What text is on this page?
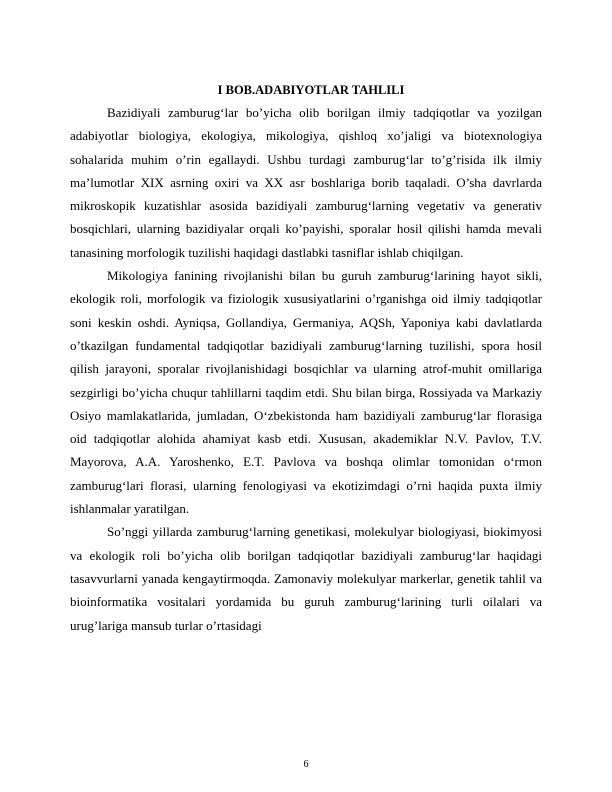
I BOB.ADABIYOTLAR TAHLILI

Bazidiyali zamburug‘lar bo’yicha olib borilgan ilmiy tadqiqotlar va yozilgan adabiyotlar biologiya, ekologiya, mikologiya, qishloq xo’jaligi va biotexnologiya sohalarida muhim o’rin egallaydi. Ushbu turdagi zamburug‘lar to’g’risida ilk ilmiy ma’lumotlar XIX asrning oxiri va XX asr boshlariga borib taqaladi. O’sha davrlarda mikroskopik kuzatishlar asosida bazidiyali zamburug‘larning vegetativ va generativ bosqichlari, ularning bazidiyalar orqali ko’payishi, sporalar hosil qilishi hamda mevali tanasining morfologik tuzilishi haqidagi dastlabki tasniflar ishlab chiqilgan.

Mikologiya fanining rivojlanishi bilan bu guruh zamburug‘larining hayot sikli, ekologik roli, morfologik va fiziologik xususiyatlarini o’rganishga oid ilmiy tadqiqotlar soni keskin oshdi. Ayniqsa, Gollandiya, Germaniya, AQSh, Yaponiya kabi davlatlarda o’tkazilgan fundamental tadqiqotlar bazidiyali zamburug‘larning tuzilishi, spora hosil qilish jarayoni, sporalar rivojlanishidagi bosqichlar va ularning atrof-muhit omillariga sezgirligi bo’yicha chuqur tahlillarni taqdim etdi. Shu bilan birga, Rossiyada va Markaziy Osiyo mamlakatlarida, jumladan, O‘zbekistonda ham bazidiyali zamburug‘lar florasiga oid tadqiqotlar alohida ahamiyat kasb etdi. Xususan, akademiklar N.V. Pavlov, T.V. Mayorova, A.A. Yaroshenko, E.T. Pavlova va boshqa olimlar tomonidan o‘rmon zamburug‘lari florasi, ularning fenologiyasi va ekotizimdagi o’rni haqida puxta ilmiy ishlanmalar yaratilgan.

So’nggi yillarda zamburug‘larning genetikasi, molekulyar biologiyasi, biokimyosi va ekologik roli bo’yicha olib borilgan tadqiqotlar bazidiyali zamburug‘lar haqidagi tasavvurlarni yanada kengaytirmoqda. Zamonaviy molekulyar markerlar, genetik tahlil va bioinformatika vositalari yordamida bu guruh zamburug‘larining turli oilalari va urug’lariga mansub turlar o’rtasidagi

6
